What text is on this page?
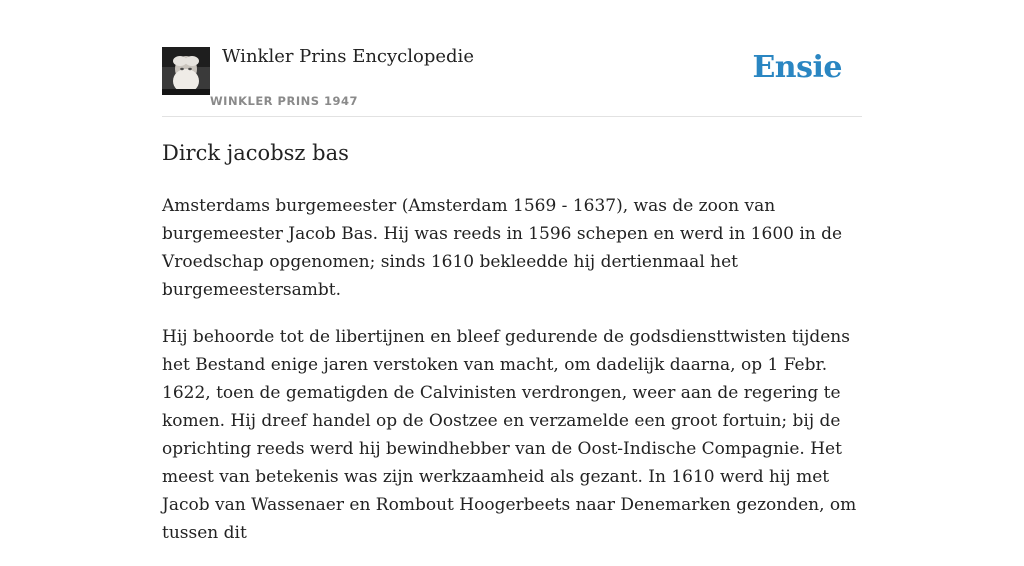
Winkler Prins Encyclopedie
WINKLER PRINS 1947
Ensie
Dirck jacobsz bas

Amsterdams burgemeester (Amsterdam 1569 - 1637), was de zoon van burgemeester Jacob Bas. Hij was reeds in 1596 schepen en werd in 1600 in de Vroedschap opgenomen; sinds 1610 bekleedde hij dertienmaal het burgemeestersambt.

Hij behoorde tot de libertijnen en bleef gedurende de godsdiensttwisten tijdens het Bestand enige jaren verstoken van macht, om dadelijk daarna, op 1 Febr. 1622, toen de gematigden de Calvinisten verdrongen, weer aan de regering te komen. Hij dreef handel op de Oostzee en verzamelde een groot fortuin; bij de oprichting reeds werd hij bewindhebber van de Oost-Indische Compagnie. Het meest van betekenis was zijn werkzaamheid als gezant. In 1610 werd hij met Jacob van Wassenaer en Rombout Hoogerbeets naar Denemarken gezonden, om tussen dit
